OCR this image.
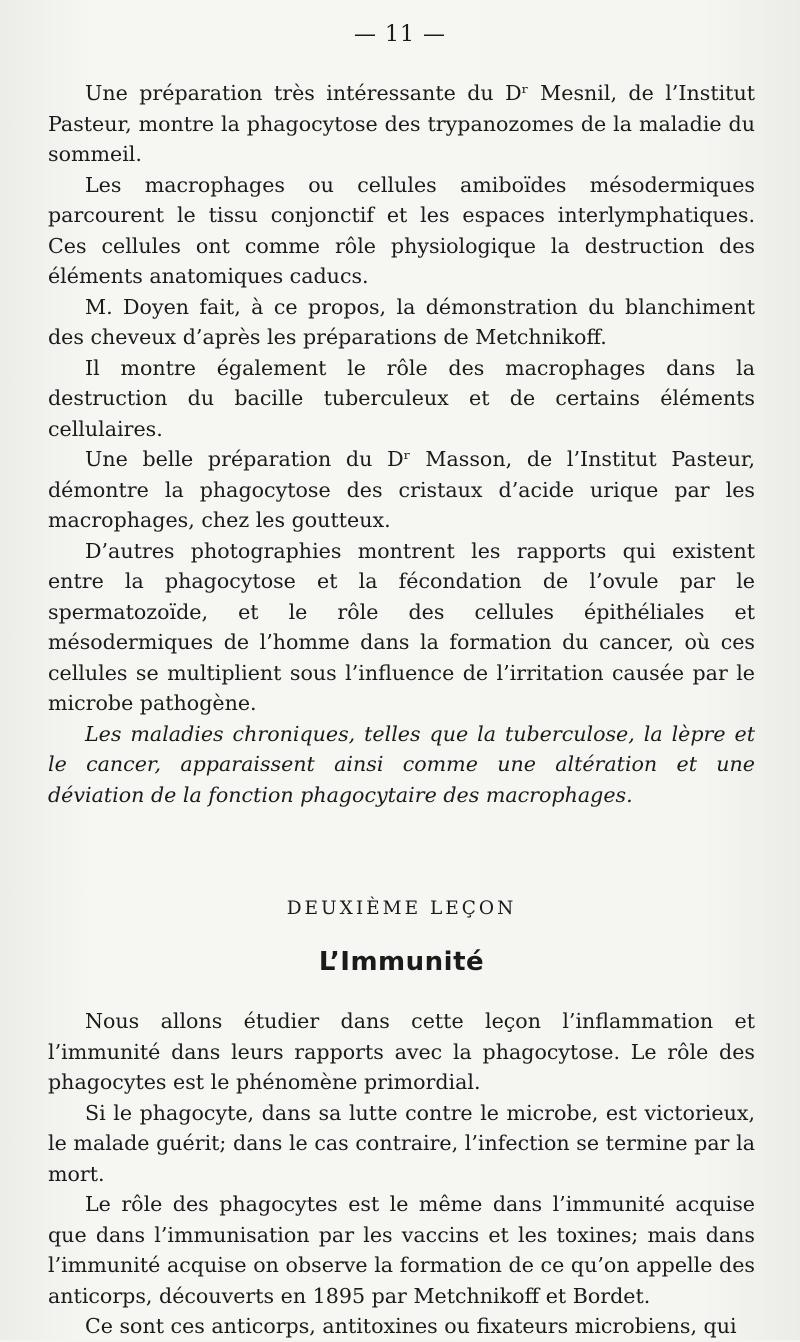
— 11 —

Une préparation très intéressante du Dʳ Mesnil, de l’Institut Pasteur, montre la phagocytose des trypanozomes de la maladie du sommeil.

Les macrophages ou cellules amiboïdes mésodermiques parcourent le tissu conjonctif et les espaces interlymphatiques. Ces cellules ont comme rôle physiologique la destruction des éléments anatomiques caducs.

M. Doyen fait, à ce propos, la démonstration du blanchiment des cheveux d’après les préparations de Metchnikoff.

Il montre également le rôle des macrophages dans la destruction du bacille tuberculeux et de certains éléments cellulaires.

Une belle préparation du Dʳ Masson, de l’Institut Pasteur, démontre la phagocytose des cristaux d’acide urique par les macrophages, chez les goutteux.

D’autres photographies montrent les rapports qui existent entre la phagocytose et la fécondation de l’ovule par le spermatozoïde, et le rôle des cellules épithéliales et mésodermiques de l’homme dans la formation du cancer, où ces cellules se multiplient sous l’influence de l’irritation causée par le microbe pathogène.

Les maladies chroniques, telles que la tuberculose, la lèpre et le cancer, apparaissent ainsi comme une altération et une déviation de la fonction phagocytaire des macrophages.

DEUXIÈME LEÇON
L’Immunité

Nous allons étudier dans cette leçon l’inflammation et l’immunité dans leurs rapports avec la phagocytose. Le rôle des phagocytes est le phénomène primordial.

Si le phagocyte, dans sa lutte contre le microbe, est victorieux, le malade guérit; dans le cas contraire, l’infection se termine par la mort.

Le rôle des phagocytes est le même dans l’immunité acquise que dans l’immunisation par les vaccins et les toxines; mais dans l’immunité acquise on observe la formation de ce qu’on appelle des anticorps, découverts en 1895 par Metchnikoff et Bordet.

Ce sont ces anticorps, antitoxines ou fixateurs microbiens, qui
